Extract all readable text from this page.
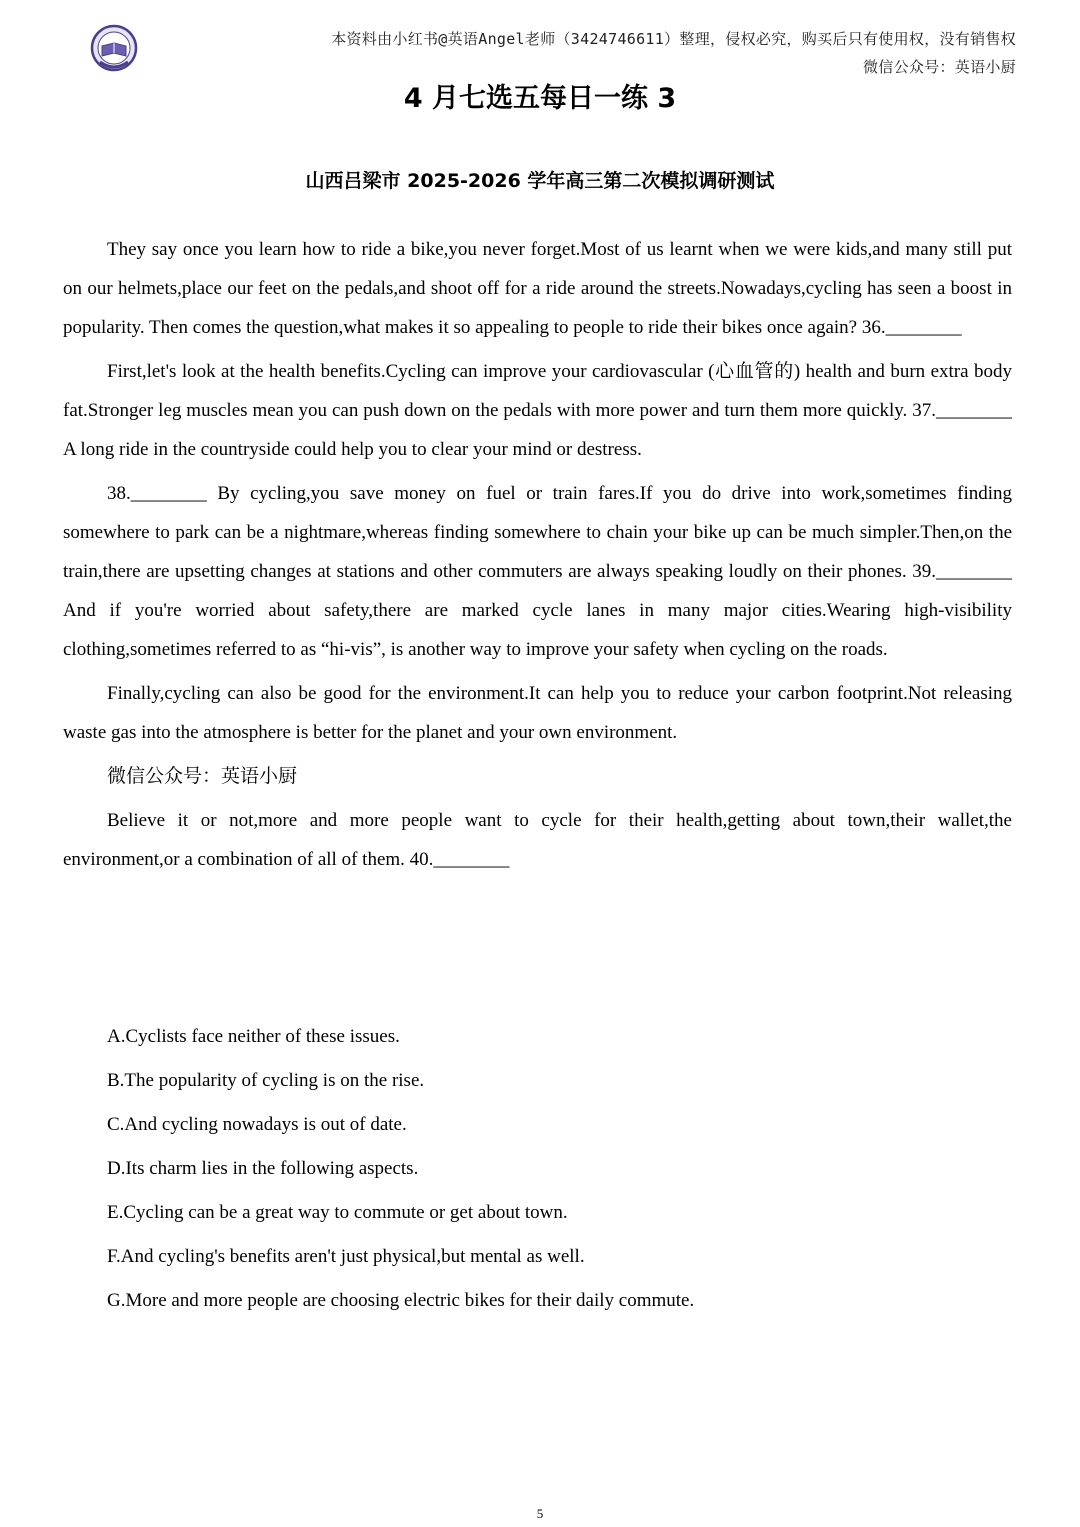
本资料由小红书@英语Angel老师（3424746611）整理，侵权必究，购买后只有使用权，没有销售权
微信公众号：英语小厨
4 月七选五每日一练 3
山西吕梁市 2025-2026 学年高三第二次模拟调研测试

They say once you learn how to ride a bike,you never forget.Most of us learnt when we were kids,and many still put on our helmets,place our feet on the pedals,and shoot off for a ride around the streets.Nowadays,cycling has seen a boost in popularity. Then comes the question,what makes it so appealing to people to ride their bikes once again? 36.________

First,let's look at the health benefits.Cycling can improve your cardiovascular (心血管的) health and burn extra body fat.Stronger leg muscles mean you can push down on the pedals with more power and turn them more quickly. 37.________ A long ride in the countryside could help you to clear your mind or destress.

38.________ By cycling,you save money on fuel or train fares.If you do drive into work,sometimes finding somewhere to park can be a nightmare,whereas finding somewhere to chain your bike up can be much simpler.Then,on the train,there are upsetting changes at stations and other commuters are always speaking loudly on their phones. 39.________ And if you're worried about safety,there are marked cycle lanes in many major cities.Wearing high-visibility clothing,sometimes referred to as “hi-vis”, is another way to improve your safety when cycling on the roads.

Finally,cycling can also be good for the environment.It can help you to reduce your carbon footprint.Not releasing waste gas into the atmosphere is better for the planet and your own environment.

微信公众号：英语小厨

Believe it or not,more and more people want to cycle for their health,getting about town,their wallet,the environment,or a combination of all of them. 40.________

A.Cyclists face neither of these issues.
B.The popularity of cycling is on the rise.
C.And cycling nowadays is out of date.
D.Its charm lies in the following aspects.
E.Cycling can be a great way to commute or get about town.
F.And cycling's benefits aren't just physical,but mental as well.
G.More and more people are choosing electric bikes for their daily commute.
5
